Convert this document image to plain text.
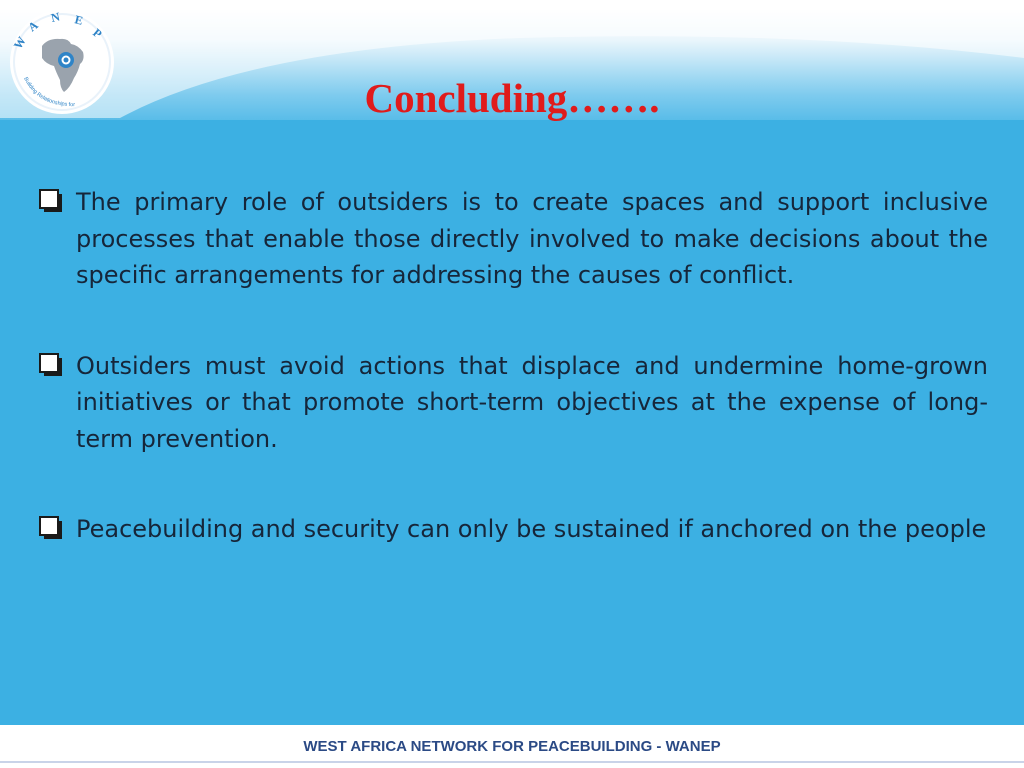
W
A
N E
P
Building Relationships for	Concluding…….
The primary role of outsiders is to create spaces and support inclusive processes that enable those directly involved to make decisions about the specific arrangements for addressing the causes of conflict.
Outsiders must avoid actions that displace and undermine home-grown initiatives or that promote short-term objectives at the expense of long-term prevention.
Peacebuilding and security can only be sustained if anchored on the people
WEST AFRICA NETWORK FOR PEACEBUILDING - WANEP
